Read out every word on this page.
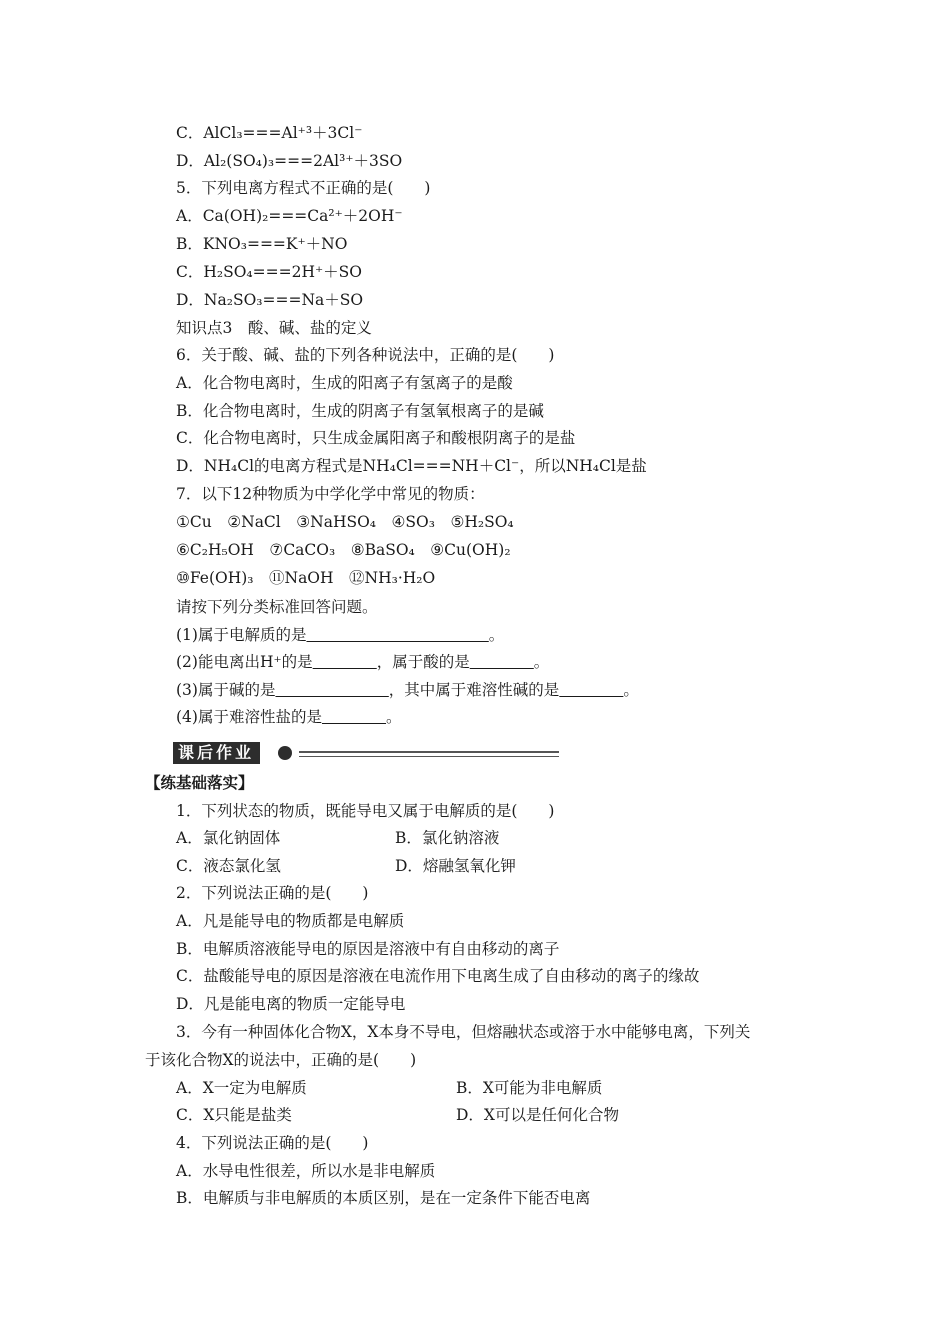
C．AlCl₃===Al⁺³＋3Cl⁻
D．Al₂(SO₄)₃===2Al³⁺＋3SO
5．下列电离方程式不正确的是(　　)
A．Ca(OH)₂===Ca²⁺＋2OH⁻
B．KNO₃===K⁺＋NO
C．H₂SO₄===2H⁺＋SO
D．Na₂SO₃===Na＋SO
知识点3　酸、碱、盐的定义
6．关于酸、碱、盐的下列各种说法中，正确的是(　　)
A．化合物电离时，生成的阳离子有氢离子的是酸
B．化合物电离时，生成的阴离子有氢氧根离子的是碱
C．化合物电离时，只生成金属阳离子和酸根阴离子的是盐
D．NH₄Cl的电离方程式是NH₄Cl===NH＋Cl⁻，所以NH₄Cl是盐
7．以下12种物质为中学化学中常见的物质：
①Cu　②NaCl　③NaHSO₄　④SO₃　⑤H₂SO₄
⑥C₂H₅OH　⑦CaCO₃　⑧BaSO₄　⑨Cu(OH)₂
⑩Fe(OH)₃　⑪NaOH　⑫NH₃·H₂O
请按下列分类标准回答问题。
(1)属于电解质的是	。
(2)能电离出H⁺的是	，属于酸的是	。
(3)属于碱的是	，其中属于难溶性碱的是	。
(4)属于难溶性盐的是	。
课后作业
【练基础落实】
1．下列状态的物质，既能导电又属于电解质的是(　　)
A．氯化钠固体	B．氯化钠溶液
C．液态氯化氢	D．熔融氢氧化钾
2．下列说法正确的是(　　)
A．凡是能导电的物质都是电解质
B．电解质溶液能导电的原因是溶液中有自由移动的离子
C．盐酸能导电的原因是溶液在电流作用下电离生成了自由移动的离子的缘故
D．凡是能电离的物质一定能导电
3．今有一种固体化合物X，X本身不导电，但熔融状态或溶于水中能够电离，下列关
于该化合物X的说法中，正确的是(　　)
A．X一定为电解质	B．X可能为非电解质
C．X只能是盐类	D．X可以是任何化合物
4．下列说法正确的是(　　)
A．水导电性很差，所以水是非电解质
B．电解质与非电解质的本质区别，是在一定条件下能否电离
